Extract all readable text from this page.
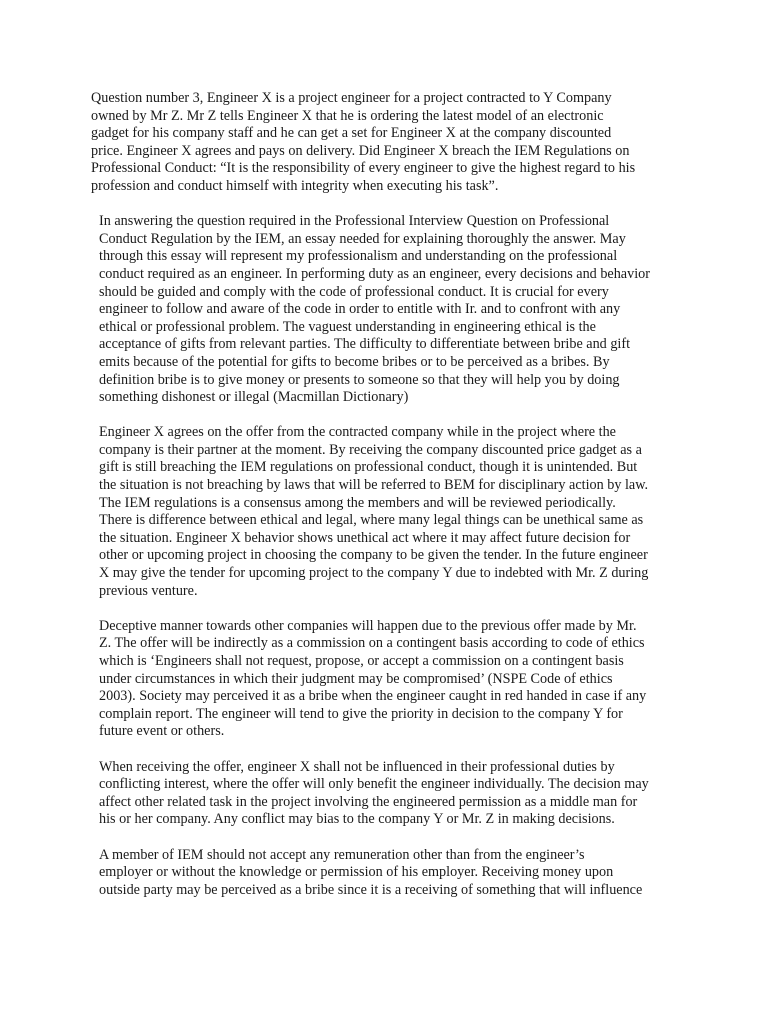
Question number 3, Engineer X is a project engineer for a project contracted to Y Company
owned by Mr Z. Mr Z tells Engineer X that he is ordering the latest model of an electronic
gadget for his company staff and he can get a set for Engineer X at the company discounted
price. Engineer X agrees and pays on delivery. Did Engineer X breach the IEM Regulations on
Professional Conduct: “It is the responsibility of every engineer to give the highest regard to his
profession and conduct himself with integrity when executing his task”.
In answering the question required in the Professional Interview Question on Professional
Conduct Regulation by the IEM, an essay needed for explaining thoroughly the answer. May
through this essay will represent my professionalism and understanding on the professional
conduct required as an engineer. In performing duty as an engineer, every decisions and behavior
should be guided and comply with the code of professional conduct. It is crucial for every
engineer to follow and aware of the code in order to entitle with Ir. and to confront with any
ethical or professional problem. The vaguest understanding in engineering ethical is the
acceptance of gifts from relevant parties. The difficulty to differentiate between bribe and gift
emits because of the potential for gifts to become bribes or to be perceived as a bribes. By
definition bribe is to give money or presents to someone so that they will help you by doing
something dishonest or illegal (Macmillan Dictionary)
Engineer X agrees on the offer from the contracted company while in the project where the
company is their partner at the moment. By receiving the company discounted price gadget as a
gift is still breaching the IEM regulations on professional conduct, though it is unintended. But
the situation is not breaching by laws that will be referred to BEM for disciplinary action by law.
The IEM regulations is a consensus among the members and will be reviewed periodically.
There is difference between ethical and legal, where many legal things can be unethical same as
the situation. Engineer X behavior shows unethical act where it may affect future decision for
other or upcoming project in choosing the company to be given the tender. In the future engineer
X may give the tender for upcoming project to the company Y due to indebted with Mr. Z during
previous venture.
Deceptive manner towards other companies will happen due to the previous offer made by Mr.
Z. The offer will be indirectly as a commission on a contingent basis according to code of ethics
which is ‘Engineers shall not request, propose, or accept a commission on a contingent basis
under circumstances in which their judgment may be compromised’ (NSPE Code of ethics
2003). Society may perceived it as a bribe when the engineer caught in red handed in case if any
complain report. The engineer will tend to give the priority in decision to the company Y for
future event or others.
When receiving the offer, engineer X shall not be influenced in their professional duties by
conflicting interest, where the offer will only benefit the engineer individually. The decision may
affect other related task in the project involving the engineered permission as a middle man for
his or her company. Any conflict may bias to the company Y or Mr. Z in making decisions.
A member of IEM should not accept any remuneration other than from the engineer’s
employer or without the knowledge or permission of his employer. Receiving money upon
outside party may be perceived as a bribe since it is a receiving of something that will influence
